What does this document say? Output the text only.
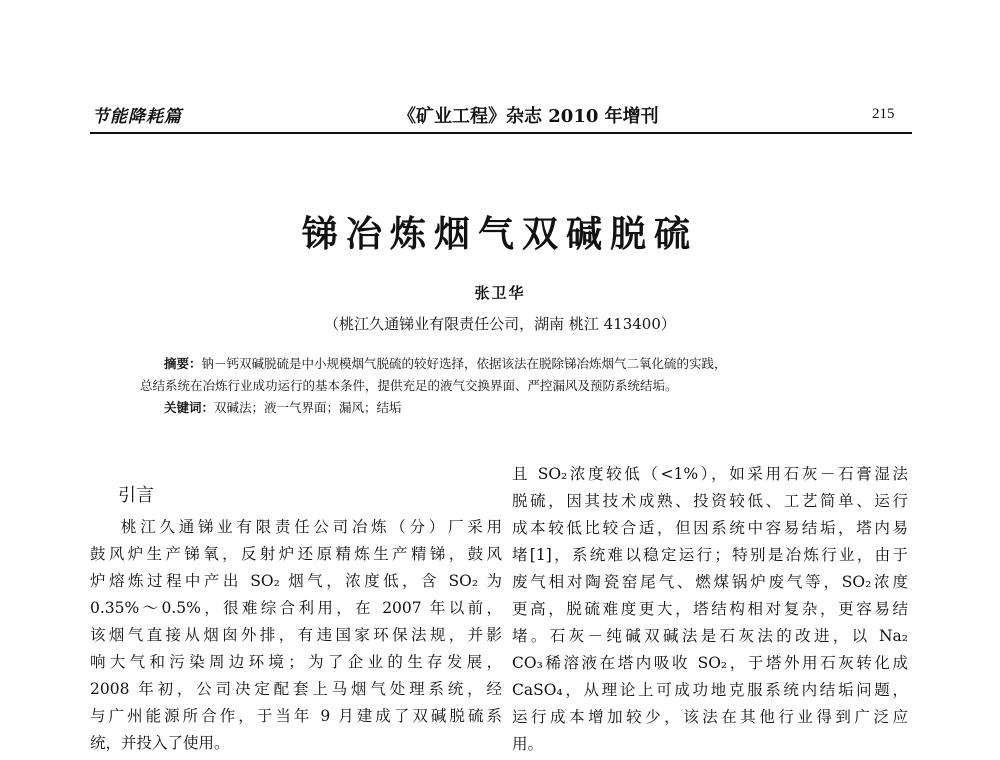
节能降耗篇	《矿业工程》杂志 2010 年增刊	215
锑冶炼烟气双碱脱硫
张卫华
（桃江久通锑业有限责任公司，湖南 桃江 413400）
摘要：钠－钙双碱脱硫是中小规模烟气脱硫的较好选择，依据该法在脱除锑冶炼烟气二氧化硫的实践，
总结系统在冶炼行业成功运行的基本条件，提供充足的液气交换界面、严控漏风及预防系统结垢。
关键词：双碱法；液一气界面；漏风；结垢
引言
桃江久通锑业有限责任公司冶炼（分）厂采用
鼓风炉生产锑氧，反射炉还原精炼生产精锑，鼓风
炉熔炼过程中产出 SO₂ 烟气，浓度低，含 SO₂ 为
0.35%～0.5%，很难综合利用，在 2007 年以前，
该烟气直接从烟囱外排，有违国家环保法规，并影
响大气和污染周边环境；为了企业的生存发展，
2008 年初，公司决定配套上马烟气处理系统，经
与广州能源所合作，于当年 9 月建成了双碱脱硫系
统，并投入了使用。
且 SO₂浓度较低（<1%），如采用石灰－石膏湿法
脱硫，因其技术成熟、投资较低、工艺简单、运行
成本较低比较合适，但因系统中容易结垢，塔内易
堵[1]，系统难以稳定运行；特别是冶炼行业，由于
废气相对陶瓷窑尾气、燃煤锅炉废气等，SO₂浓度
更高，脱硫难度更大，塔结构相对复杂，更容易结
堵。石灰－纯碱双碱法是石灰法的改进，以 Na₂
CO₃稀溶液在塔内吸收 SO₂，于塔外用石灰转化成
CaSO₄，从理论上可成功地克服系统内结垢问题，
运行成本增加较少，该法在其他行业得到广泛应
用。
